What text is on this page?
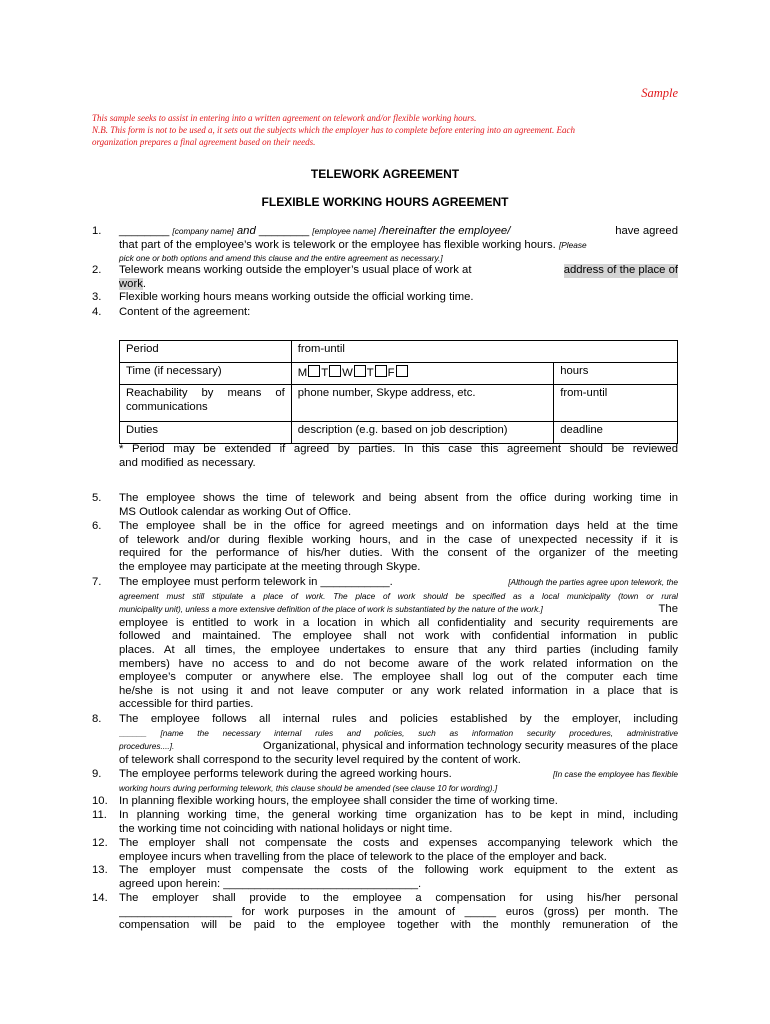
Sample
This sample seeks to assist in entering into a written agreement on telework and/or flexible working hours.
N.B. This form is not to be used a, it sets out the subjects which the employer has to complete before entering into an agreement. Each
organization prepares a final agreement based on their needs.
TELEWORK AGREEMENT
FLEXIBLE WORKING HOURS AGREEMENT
1.	________ [company name] and ________ [employee name] /hereinafter the employee/	have agreed
that part of the employee’s work is telework or the employee has flexible working hours. [Please
pick one or both options and amend this clause and the entire agreement as necessary.]
2.	Telework means working outside the employer’s usual place of work at	address of the place of
work.
3.	Flexible working hours means working outside the official working time.
4.	Content of the agreement:
Period	from-until	
Time (if necessary)	M T W T F	hours

Reachability by means of
communications	phone number, Skype address, etc.	from-until
Duties	description (e.g. based on job description)	deadline
* Period may be extended if agreed by parties. In this case this agreement should be reviewed
and modified as necessary.
5.	The employee shows the time of telework and being absent from the office during working time in
MS Outlook calendar as working Out of Office.
6.	The employee shall be in the office for agreed meetings and on information days held at the time
of telework and/or during flexible working hours, and in the case of unexpected necessity if it is
required for the performance of his/her duties. With the consent of the organizer of the meeting
the employee may participate at the meeting through Skype.
7.	The employee must perform telework in ___________.	[Although the parties agree upon telework, the
agreement must still stipulate a place of work. The place of work should be specified as a local municipality (town or rural
municipality unit), unless a more extensive definition of the place of work is substantiated by the nature of the work.]	The
employee is entitled to work in a location in which all confidentiality and security requirements are
followed and maintained. The employee shall not work with confidential information in public
places. At all times, the employee undertakes to ensure that any third parties (including family
members) have no access to and do not become aware of the work related information on the
employee’s computer or anywhere else. The employee shall log out of the computer each time
he/she is not using it and not leave computer or any work related information in a place that is
accessible for third parties.
8.	The employee follows all internal rules and policies established by the employer, including
______ [name the necessary internal rules and policies, such as information security procedures, administrative
procedures....].	Organizational, physical and information technology security measures of the place
of telework shall correspond to the security level required by the content of work.
9.	The employee performs telework during the agreed working hours.	[In case the employee has flexible
working hours during performing telework, this clause should be amended (see clause 10 for wording).]
10. In planning flexible working hours, the employee shall consider the time of working time.
11.	In planning working time, the general working time organization has to be kept in mind, including
the working time not coinciding with national holidays or night time.
12. The employer shall not compensate the costs and expenses accompanying telework which the
employee incurs when travelling from the place of telework to the place of the employer and back.
13. The employer must compensate the costs of the following work equipment to the extent as
agreed upon herein: _______________________________.
14. The employer shall provide to the employee a compensation for using his/her personal
__________________ for work purposes in the amount of _____ euros (gross) per month. The
compensation will be paid to the employee together with the monthly remuneration of the
